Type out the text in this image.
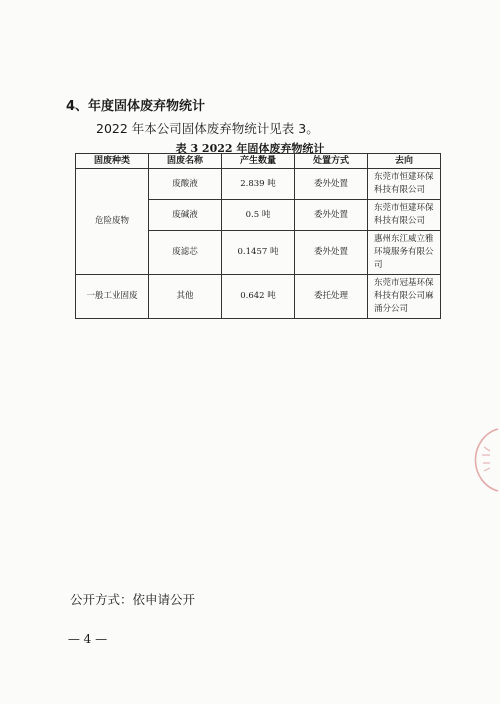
4、年度固体废弃物统计
2022 年本公司固体废弃物统计见表 3。
表 3 2022 年固体废弃物统计
固废种类	固废名称	产生数量	处置方式	去向
危险废物	废酸液	2.839 吨	委外处置	东莞市恒建环保科技有限公司
	废碱液	0.5 吨	委外处置	东莞市恒建环保科技有限公司
	废滤芯	0.1457 吨	委外处置	惠州东江威立雅环境服务有限公司
一般工业固废	其他	0.642 吨	委托处理	东莞市冠基环保科技有限公司麻涌分公司
公开方式：依申请公开
— 4 —
